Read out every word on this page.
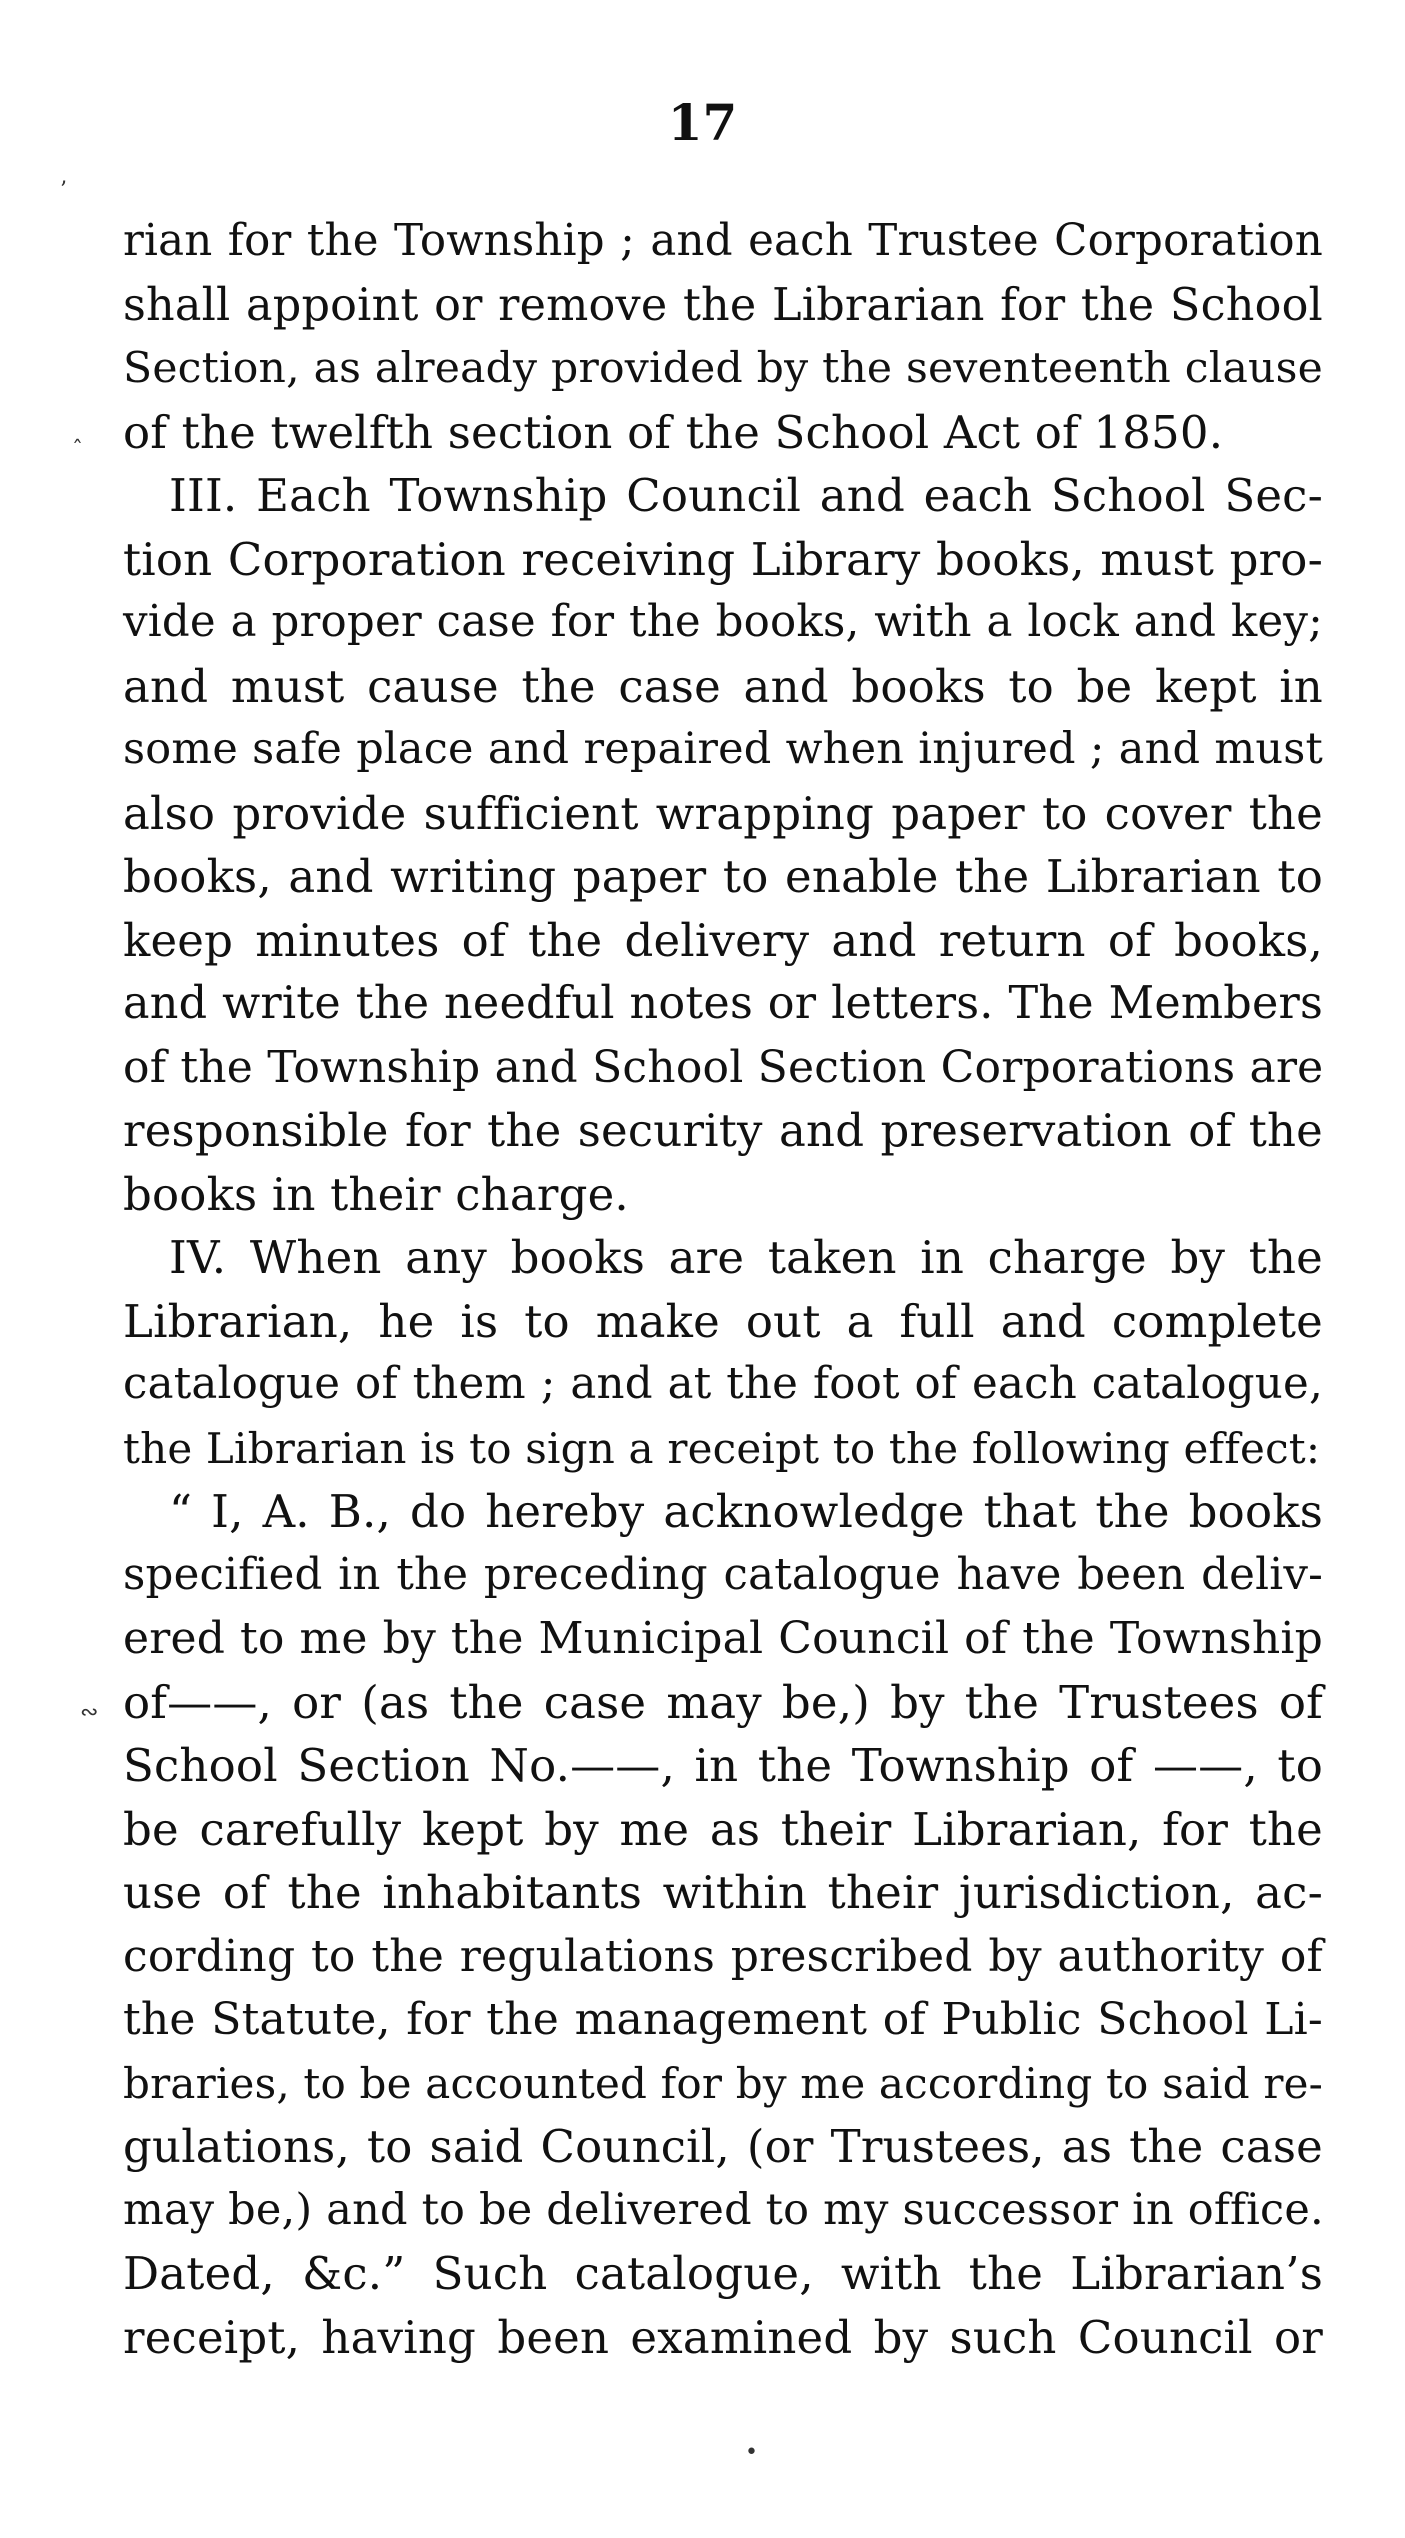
17
’
ˆ
∾
•
rian for the Township ; and each Trustee Corporation
shall appoint or remove the Librarian for the School
Section, as already provided by the seventeenth clause
of the twelfth section of the School Act of 1850.
III. Each Township Council and each School Sec-
tion Corporation receiving Library books, must pro-
vide a proper case for the books, with a lock and key;
and must cause the case and books to be kept in
some safe place and repaired when injured ; and must
also provide sufficient wrapping paper to cover the
books, and writing paper to enable the Librarian to
keep minutes of the delivery and return of books,
and write the needful notes or letters. The Members
of the Township and School Section Corporations are
responsible for the security and preservation of the
books in their charge.
IV. When any books are taken in charge by the
Librarian, he is to make out a full and complete
catalogue of them ; and at the foot of each catalogue,
the Librarian is to sign a receipt to the following effect:
“ I, A. B., do hereby acknowledge that the books
specified in the preceding catalogue have been deliv-
ered to me by the Municipal Council of the Township
of——, or (as the case may be,) by the Trustees of
School Section No.——, in the Township of ——, to
be carefully kept by me as their Librarian, for the
use of the inhabitants within their jurisdiction, ac-
cording to the regulations prescribed by authority of
the Statute, for the management of Public School Li-
braries, to be accounted for by me according to said re-
gulations, to said Council, (or Trustees, as the case
may be,) and to be delivered to my successor in office.
Dated, &c.” Such catalogue, with the Librarian’s
receipt, having been examined by such Council or
